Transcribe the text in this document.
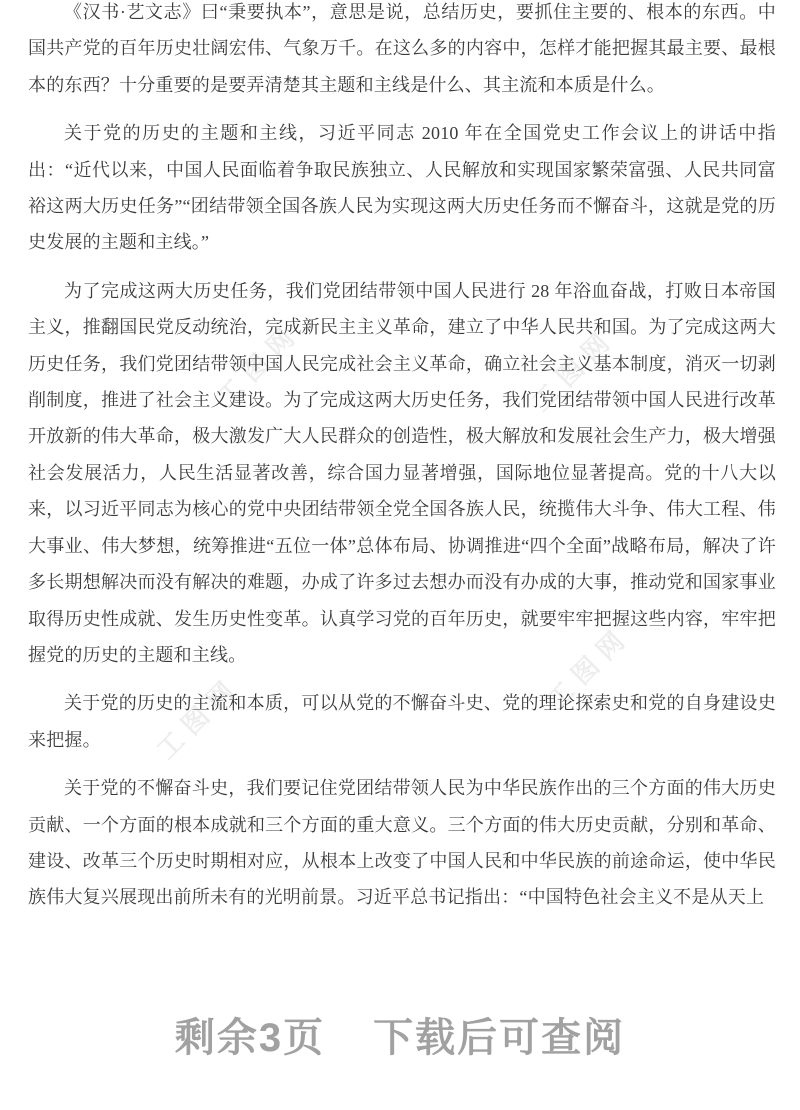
工图网	工图网
工图网
工图网

《汉书·艺文志》曰“秉要执本”，意思是说，总结历史，要抓住主要的、根本的东西。中国共产党的百年历史壮阔宏伟、气象万千。在这么多的内容中，怎样才能把握其最主要、最根本的东西？十分重要的是要弄清楚其主题和主线是什么、其主流和本质是什么。

关于党的历史的主题和主线，习近平同志 2010 年在全国党史工作会议上的讲话中指出：“近代以来，中国人民面临着争取民族独立、人民解放和实现国家繁荣富强、人民共同富裕这两大历史任务”“团结带领全国各族人民为实现这两大历史任务而不懈奋斗，这就是党的历史发展的主题和主线。”

为了完成这两大历史任务，我们党团结带领中国人民进行 28 年浴血奋战，打败日本帝国主义，推翻国民党反动统治，完成新民主主义革命，建立了中华人民共和国。为了完成这两大历史任务，我们党团结带领中国人民完成社会主义革命，确立社会主义基本制度，消灭一切剥削制度，推进了社会主义建设。为了完成这两大历史任务，我们党团结带领中国人民进行改革开放新的伟大革命，极大激发广大人民群众的创造性，极大解放和发展社会生产力，极大增强社会发展活力，人民生活显著改善，综合国力显著增强，国际地位显著提高。党的十八大以来，以习近平同志为核心的党中央团结带领全党全国各族人民，统揽伟大斗争、伟大工程、伟大事业、伟大梦想，统筹推进“五位一体”总体布局、协调推进“四个全面”战略布局，解决了许多长期想解决而没有解决的难题，办成了许多过去想办而没有办成的大事，推动党和国家事业取得历史性成就、发生历史性变革。认真学习党的百年历史，就要牢牢把握这些内容，牢牢把握党的历史的主题和主线。

关于党的历史的主流和本质，可以从党的不懈奋斗史、党的理论探索史和党的自身建设史来把握。

关于党的不懈奋斗史，我们要记住党团结带领人民为中华民族作出的三个方面的伟大历史贡献、一个方面的根本成就和三个方面的重大意义。三个方面的伟大历史贡献，分别和革命、建设、改革三个历史时期相对应，从根本上改变了中国人民和中华民族的前途命运，使中华民族伟大复兴展现出前所未有的光明前景。习近平总书记指出：“中国特色社会主义不是从天上

剩余3页 下载后可查阅
